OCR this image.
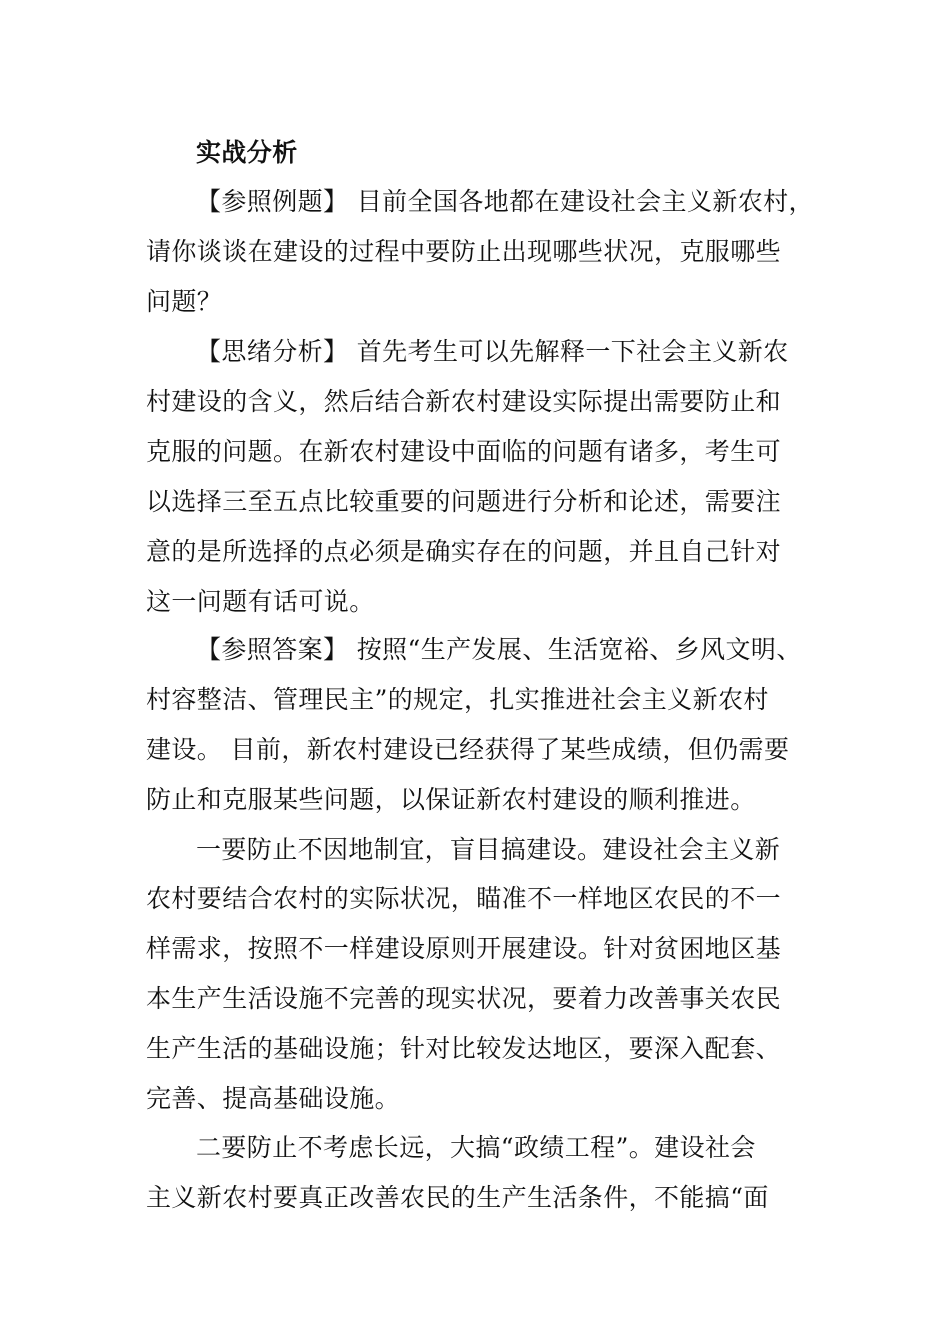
实战分析
【参照例题】 目前全国各地都在建设社会主义新农村，
请你谈谈在建设的过程中要防止出现哪些状况，克服哪些
问题？
【思绪分析】 首先考生可以先解释一下社会主义新农
村建设的含义，然后结合新农村建设实际提出需要防止和
克服的问题。在新农村建设中面临的问题有诸多，考生可
以选择三至五点比较重要的问题进行分析和论述，需要注
意的是所选择的点必须是确实存在的问题，并且自己针对
这一问题有话可说。
【参照答案】 按照“生产发展、生活宽裕、乡风文明、
村容整洁、管理民主”的规定，扎实推进社会主义新农村
建设。 目前，新农村建设已经获得了某些成绩，但仍需要
防止和克服某些问题，以保证新农村建设的顺利推进。
一要防止不因地制宜，盲目搞建设。建设社会主义新
农村要结合农村的实际状况，瞄准不一样地区农民的不一
样需求，按照不一样建设原则开展建设。针对贫困地区基
本生产生活设施不完善的现实状况，要着力改善事关农民
生产生活的基础设施；针对比较发达地区，要深入配套、
完善、提高基础设施。
二要防止不考虑长远，大搞“政绩工程”。建设社会
主义新农村要真正改善农民的生产生活条件，不能搞“面
